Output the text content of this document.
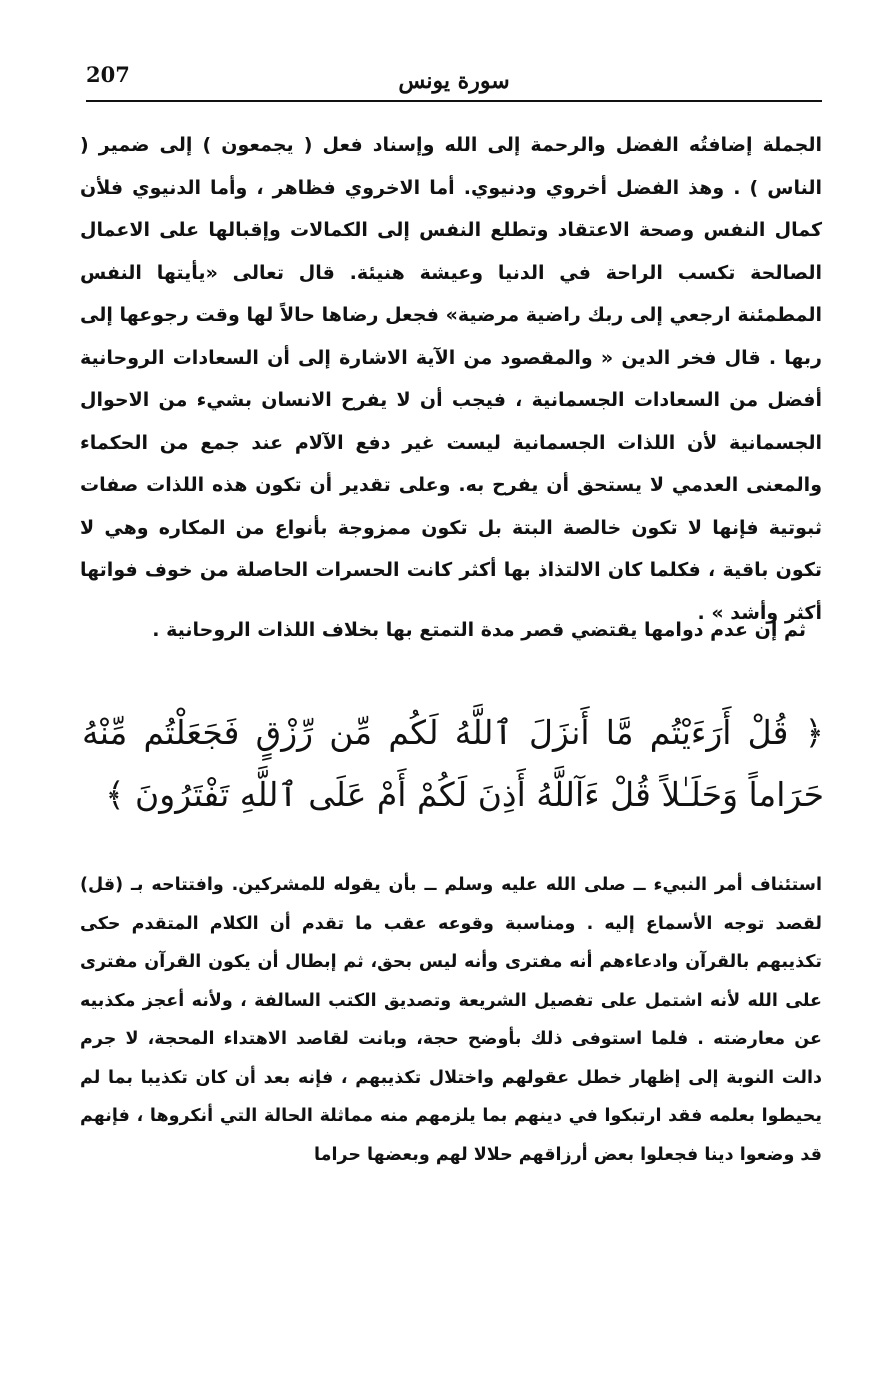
207	سورة يونس

الجملة إضافتُه الفضل والرحمة إلى الله وإسناد فعل ( يجمعون ) إلى ضمير ( الناس ) . وهذ الفضل أخروي ودنيوي. أما الاخروي فظاهر ، وأما الدنيوي فلأن كمال النفس وصحة الاعتقاد وتطلع النفس إلى الكمالات وإقبالها على الاعمال الصالحة تكسب الراحة في الدنيا وعيشة هنيئة. قال تعالى «يأيتها النفس المطمئنة ارجعي إلى ربك راضية مرضية» فجعل رضاها حالاً لها وقت رجوعها إلى ربها . قال فخر الدين « والمقصود من الآية الاشارة إلى أن السعادات الروحانية أفضل من السعادات الجسمانية ، فيجب أن لا يفرح الانسان بشيء من الاحوال الجسمانية لأن اللذات الجسمانية ليست غير دفع الآلام عند جمع من الحكماء والمعنى العدمي لا يستحق أن يفرح به. وعلى تقدير أن تكون هذه اللذات صفات ثبوتية فإنها لا تكون خالصة البتة بل تكون ممزوجة بأنواع من المكاره وهي لا تكون باقية ، فكلما كان الالتذاذ بها أكثر كانت الحسرات الحاصلة من خوف فواتها أكثر وأشد » .

ثم إن عدم دوامها يقتضي قصر مدة التمتع بها بخلاف اللذات الروحانية .

﴿ قُلْ أَرَءَيْتُم مَّا أَنزَلَ ٱللَّهُ لَكُم مِّن رِّزْقٍ فَجَعَلْتُم مِّنْهُ حَرَاماً وَحَلَـٰلاً قُلْ ءَآللَّهُ أَذِنَ لَكُمْ أَمْ عَلَى ٱللَّهِ تَفْتَرُونَ ﴾

استئناف أمر النبيء ــ صلى الله عليه وسلم ــ بأن يقوله للمشركين. وافتتاحه بـ (قل) لقصد توجه الأسماع إليه . ومناسبة وقوعه عقب ما تقدم أن الكلام المتقدم حكى تكذيبهم بالقرآن وادعاءهم أنه مفترى وأنه ليس بحق، ثم إبطال أن يكون القرآن مفترى على الله لأنه اشتمل على تفصيل الشريعة وتصديق الكتب السالفة ، ولأنه أعجز مكذبيه عن معارضته . فلما استوفى ذلك بأوضح حجة، وبانت لقاصد الاهتداء المحجة، لا جرم دالت النوبة إلى إظهار خطل عقولهم واختلال تكذيبهم ، فإنه بعد أن كان تكذيبا بما لم يحيطوا بعلمه فقد ارتبكوا في دينهم بما يلزمهم منه مماثلة الحالة التي أنكروها ، فإنهم قد وضعوا دينا فجعلوا بعض أرزاقهم حلالا لهم وبعضها حراما
